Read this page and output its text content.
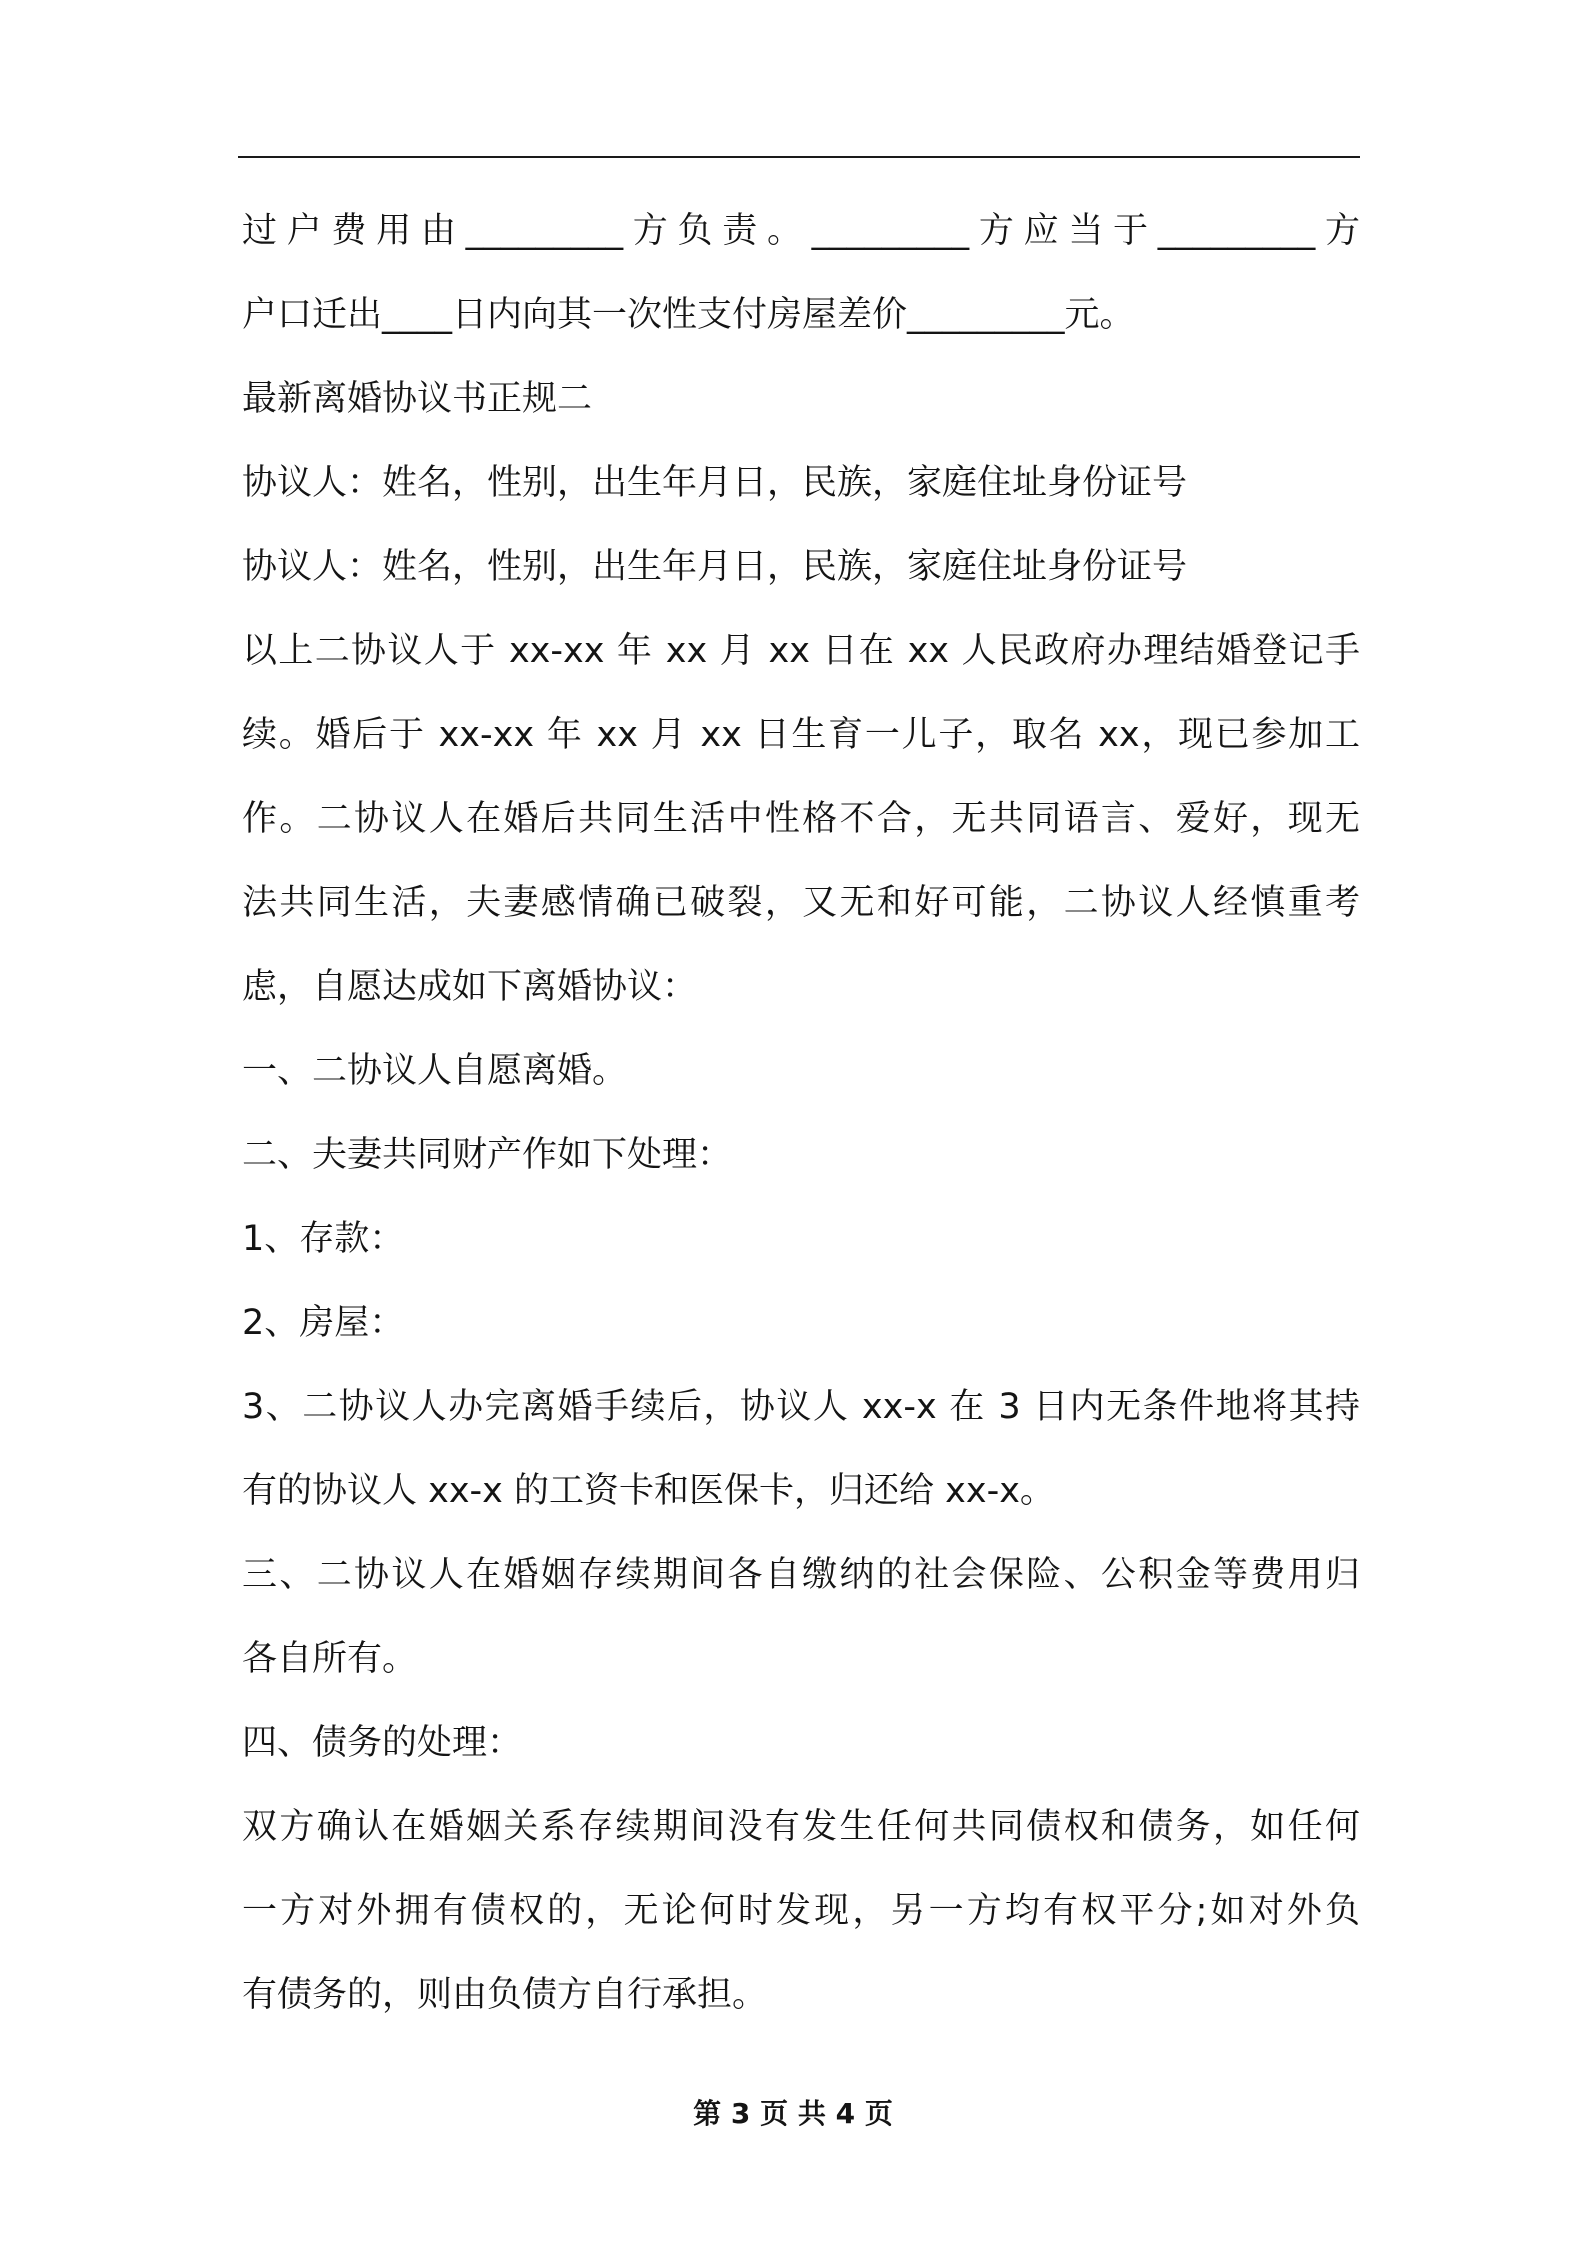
过户费用由_________方负责。_________方应当于_________方
户口迁出____日内向其一次性支付房屋差价_________元。
最新离婚协议书正规二
协议人：姓名，性别，出生年月日，民族，家庭住址身份证号
协议人：姓名，性别，出生年月日，民族，家庭住址身份证号
以上二协议人于 xx-xx 年 xx 月 xx 日在 xx 人民政府办理结婚登记手
续。婚后于 xx-xx 年 xx 月 xx 日生育一儿子，取名 xx，现已参加工
作。二协议人在婚后共同生活中性格不合，无共同语言、爱好，现无
法共同生活，夫妻感情确已破裂，又无和好可能，二协议人经慎重考
虑，自愿达成如下离婚协议：
一、二协议人自愿离婚。
二、夫妻共同财产作如下处理：
1、存款：
2、房屋：
3、二协议人办完离婚手续后，协议人 xx-x 在 3 日内无条件地将其持
有的协议人 xx-x 的工资卡和医保卡，归还给 xx-x。
三、二协议人在婚姻存续期间各自缴纳的社会保险、公积金等费用归
各自所有。
四、债务的处理：
双方确认在婚姻关系存续期间没有发生任何共同债权和债务，如任何
一方对外拥有债权的，无论何时发现，另一方均有权平分;如对外负
有债务的，则由负债方自行承担。
第 3 页 共 4 页
